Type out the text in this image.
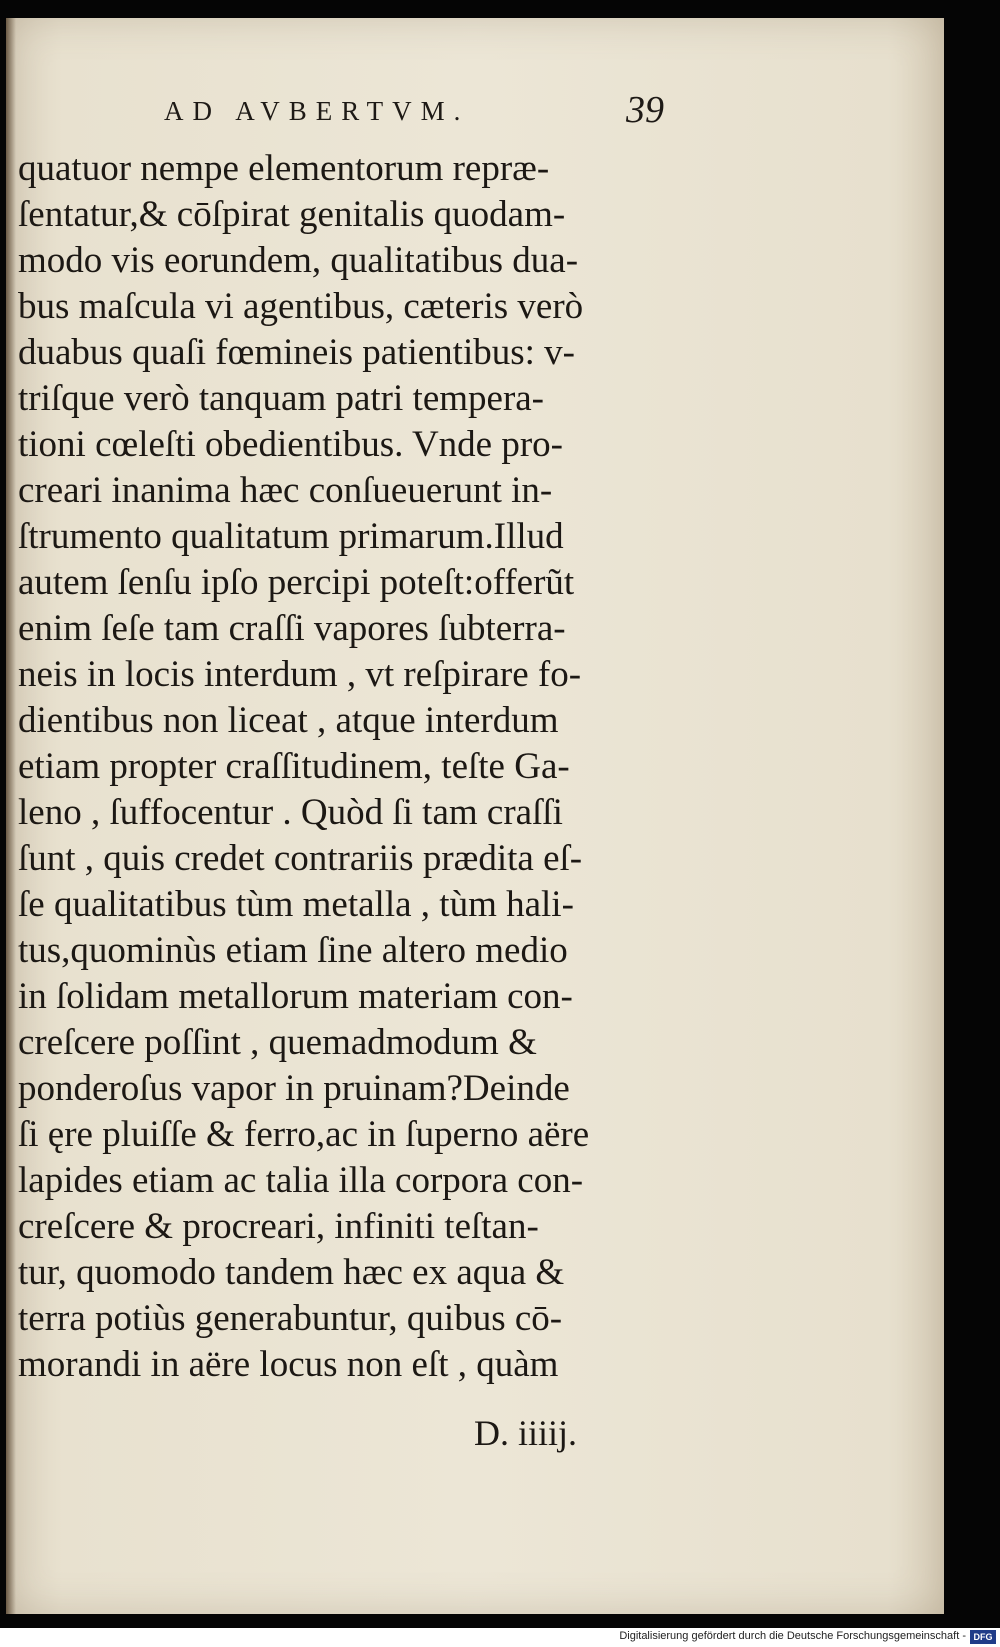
AD AVBERTVM.	39
quatuor nempe elementorum repræ-
ſentatur,& cōſpirat genitalis quodam-
modo vis eorundem, qualitatibus dua-
bus maſcula vi agentibus, cæteris verò
duabus quaſi fœmineis patientibus: v-
triſque verò tanquam patri tempera-
tioni cœleſti obedientibus. Vnde pro-
creari inanima hæc conſueuerunt in-
ſtrumento qualitatum primarum.Illud
autem ſenſu ipſo percipi poteſt:offerũt
enim ſeſe tam craſſi vapores ſubterra-
neis in locis interdum , vt reſpirare fo-
dientibus non liceat , atque interdum
etiam propter craſſitudinem, teſte Ga-
leno , ſuffocentur . Quòd ſi tam craſſi
ſunt , quis credet contrariis prædita eſ-
ſe qualitatibus tùm metalla , tùm hali-
tus,quominùs etiam ſine altero medio
in ſolidam metallorum materiam con-
creſcere poſſint , quemadmodum &
ponderoſus vapor in pruinam?Deinde
ſi ęre pluiſſe & ferro,ac in ſuperno aëre
lapides etiam ac talia illa corpora con-
creſcere & procreari, infiniti teſtan-
tur, quomodo tandem hæc ex aqua &
terra potiùs generabuntur, quibus cō-
morandi in aëre locus non eſt , quàm
D. iiiij.
Digitalisierung gefördert durch die Deutsche Forschungsgemeinschaft - DFG
